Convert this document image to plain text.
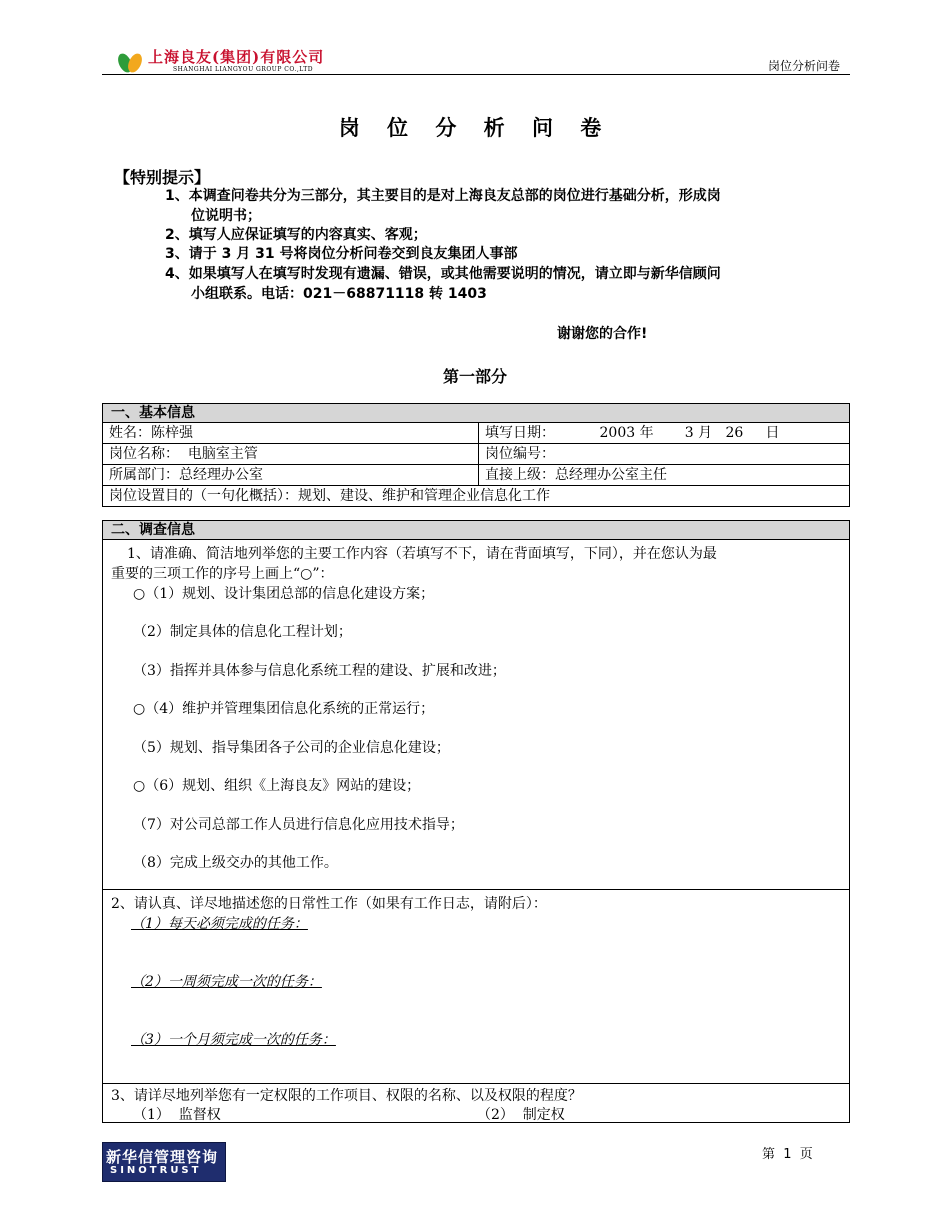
上海良友(集团)有限公司
SHANGHAI LIANGYOU GROUP CO.,LTD	岗位分析问卷
岗 位 分 析 问 卷
【特别提示】
1、本调查问卷共分为三部分，其主要目的是对上海良友总部的岗位进行基础分析，形成岗
位说明书；
2、填写人应保证填写的内容真实、客观；
3、请于 3 月 31 号将岗位分析问卷交到良友集团人事部
4、如果填写人在填写时发现有遗漏、错误，或其他需要说明的情况，请立即与新华信顾问
小组联系。电话：021－68871118 转 1403
谢谢您的合作!
第一部分
一、基本信息
姓名：陈梓强	填写日期：          2003 年       3 月   26     日
岗位名称：  电脑室主管	岗位编号：
所属部门：总经理办公室	直接上级：总经理办公室主任
岗位设置目的（一句化概括）：规划、建设、维护和管理企业信息化工作
二、调查信息
1、请准确、简洁地列举您的主要工作内容（若填写不下，请在背面填写，下同），并在您认为最
重要的三项工作的序号上画上“○”：
○（1）规划、设计集团总部的信息化建设方案；
（2）制定具体的信息化工程计划；
（3）指挥并具体参与信息化系统工程的建设、扩展和改进；
○（4）维护并管理集团信息化系统的正常运行；
（5）规划、指导集团各子公司的企业信息化建设；
○（6）规划、组织《上海良友》网站的建设；
（7）对公司总部工作人员进行信息化应用技术指导；
（8）完成上级交办的其他工作。
2、请认真、详尽地描述您的日常性工作（如果有工作日志，请附后）：
（1）每天必须完成的任务：
（2）一周须完成一次的任务：
（3）一个月须完成一次的任务：
3、请详尽地列举您有一定权限的工作项目、权限的名称、以及权限的程度？
（1）  监督权	（2）  制定权
新华信管理咨询
SINOTRUST
第  1  页
